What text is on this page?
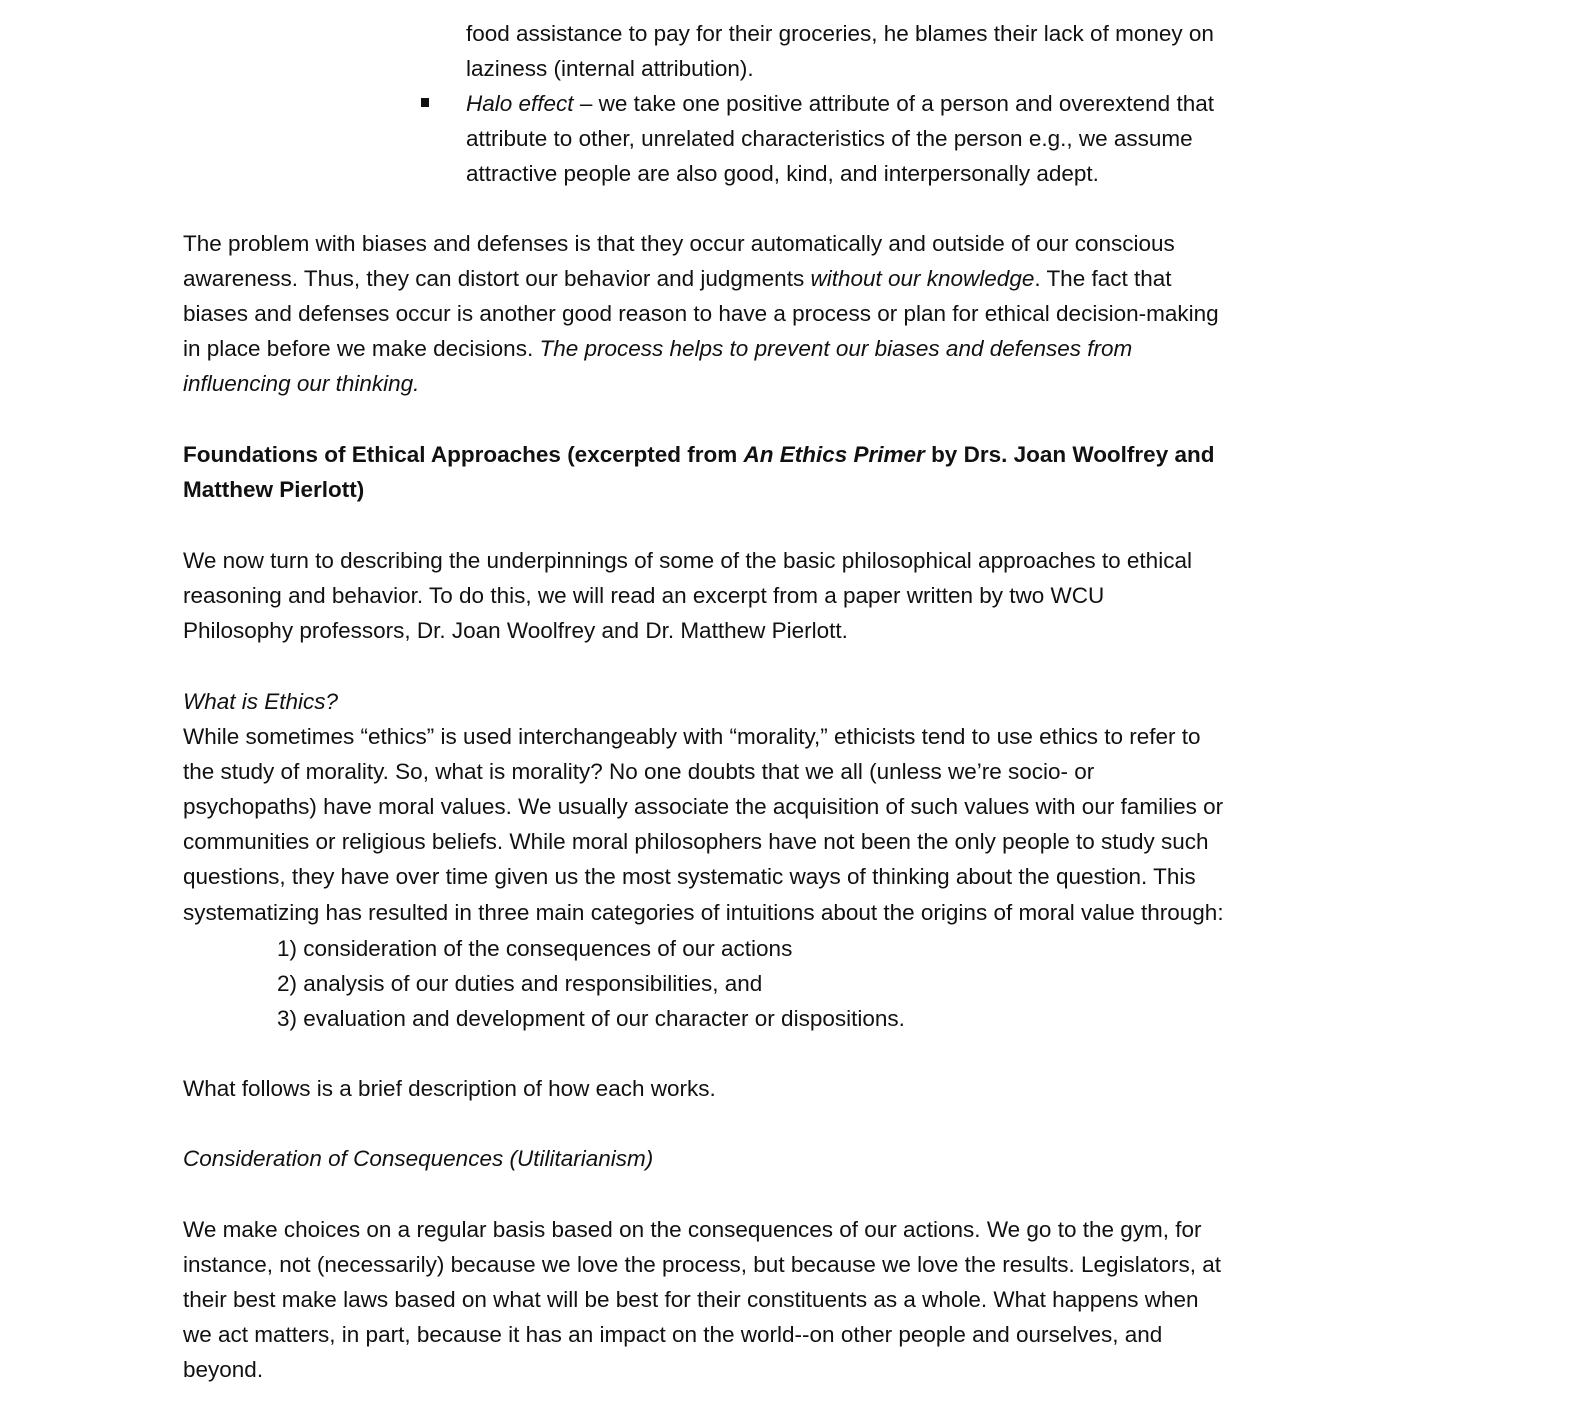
food assistance to pay for their groceries, he blames their lack of money on
laziness (internal attribution).
Halo effect – we take one positive attribute of a person and overextend that
attribute to other, unrelated characteristics of the person e.g., we assume
attractive people are also good, kind, and interpersonally adept.
The problem with biases and defenses is that they occur automatically and outside of our conscious
awareness. Thus, they can distort our behavior and judgments without our knowledge. The fact that
biases and defenses occur is another good reason to have a process or plan for ethical decision-making
in place before we make decisions. The process helps to prevent our biases and defenses from
influencing our thinking.
Foundations of Ethical Approaches (excerpted from An Ethics Primer by Drs. Joan Woolfrey and
Matthew Pierlott)
We now turn to describing the underpinnings of some of the basic philosophical approaches to ethical
reasoning and behavior. To do this, we will read an excerpt from a paper written by two WCU
Philosophy professors, Dr. Joan Woolfrey and Dr. Matthew Pierlott.
What is Ethics?
While sometimes “ethics” is used interchangeably with “morality,” ethicists tend to use ethics to refer to
the study of morality. So, what is morality? No one doubts that we all (unless we’re socio- or
psychopaths) have moral values. We usually associate the acquisition of such values with our families or
communities or religious beliefs. While moral philosophers have not been the only people to study such
questions, they have over time given us the most systematic ways of thinking about the question. This
systematizing has resulted in three main categories of intuitions about the origins of moral value through:
1) consideration of the consequences of our actions
2) analysis of our duties and responsibilities, and
3) evaluation and development of our character or dispositions.
What follows is a brief description of how each works.
Consideration of Consequences (Utilitarianism)
We make choices on a regular basis based on the consequences of our actions. We go to the gym, for
instance, not (necessarily) because we love the process, but because we love the results. Legislators, at
their best make laws based on what will be best for their constituents as a whole. What happens when
we act matters, in part, because it has an impact on the world--on other people and ourselves, and
beyond.
